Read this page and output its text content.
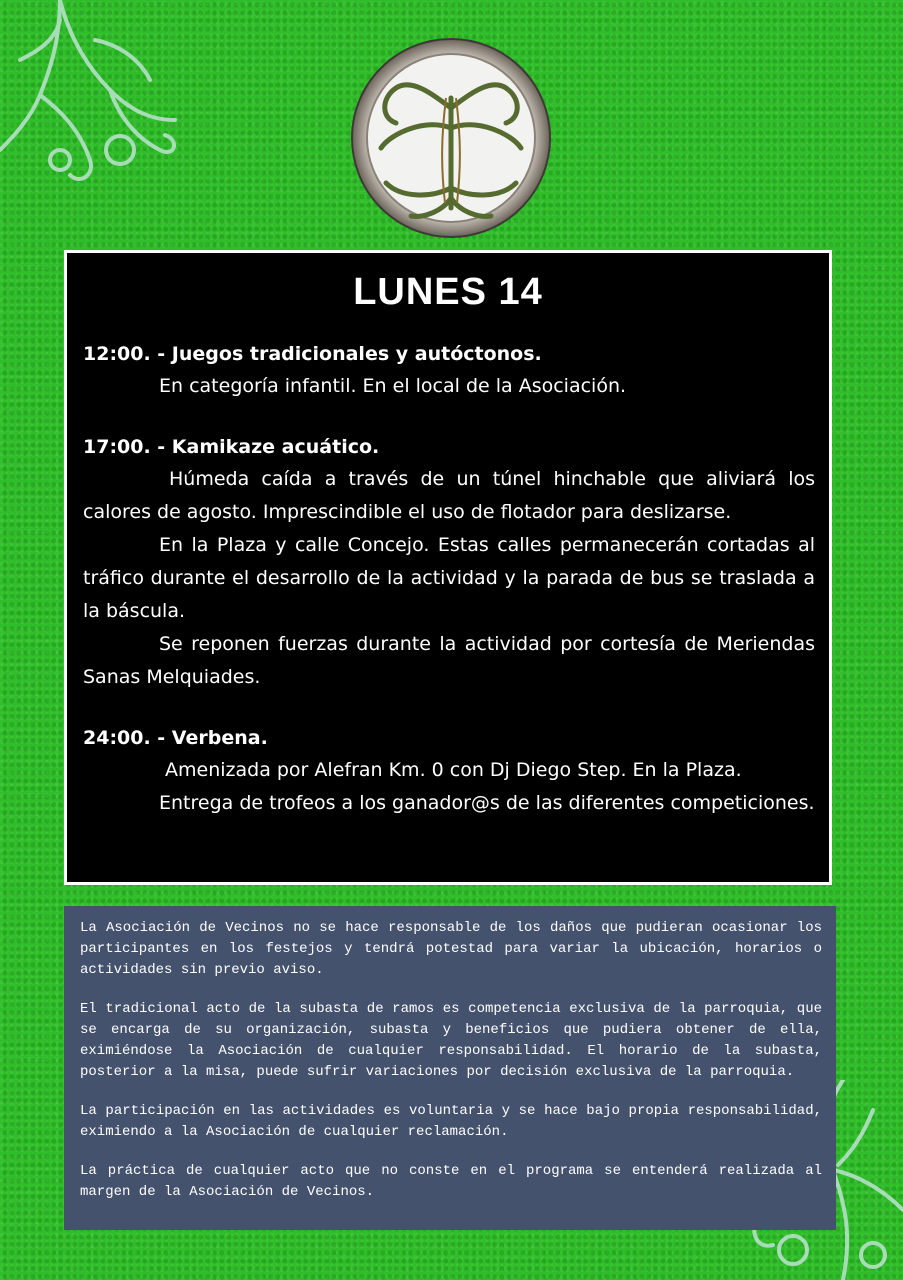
LUNES 14
12:00. - Juegos tradicionales y autóctonos.

En categoría infantil. En el local de la Asociación.

17:00. - Kamikaze acuático.

Húmeda caída a través de un túnel hinchable que aliviará los calores de agosto. Imprescindible el uso de flotador para deslizarse.

En la Plaza y calle Concejo. Estas calles permanecerán cortadas al tráfico durante el desarrollo de la actividad y la parada de bus se traslada a la báscula.

Se reponen fuerzas durante la actividad por cortesía de Meriendas Sanas Melquiades.

24:00. - Verbena.

Amenizada por Alefran Km. 0 con Dj Diego Step. En la Plaza.

Entrega de trofeos a los ganador@s de las diferentes competiciones.

La Asociación de Vecinos no se hace responsable de los daños que pudieran ocasionar los participantes en los festejos y tendrá potestad para variar la ubicación, horarios o actividades sin previo aviso.

El tradicional acto de la subasta de ramos es competencia exclusiva de la parroquia, que se encarga de su organización, subasta y beneficios que pudiera obtener de ella, eximiéndose la Asociación de cualquier responsabilidad. El horario de la subasta, posterior a la misa, puede sufrir variaciones por decisión exclusiva de la parroquia.

La participación en las actividades es voluntaria y se hace bajo propia responsabilidad, eximiendo a la Asociación de cualquier reclamación.

La práctica de cualquier acto que no conste en el programa se entenderá realizada al margen de la Asociación de Vecinos.
